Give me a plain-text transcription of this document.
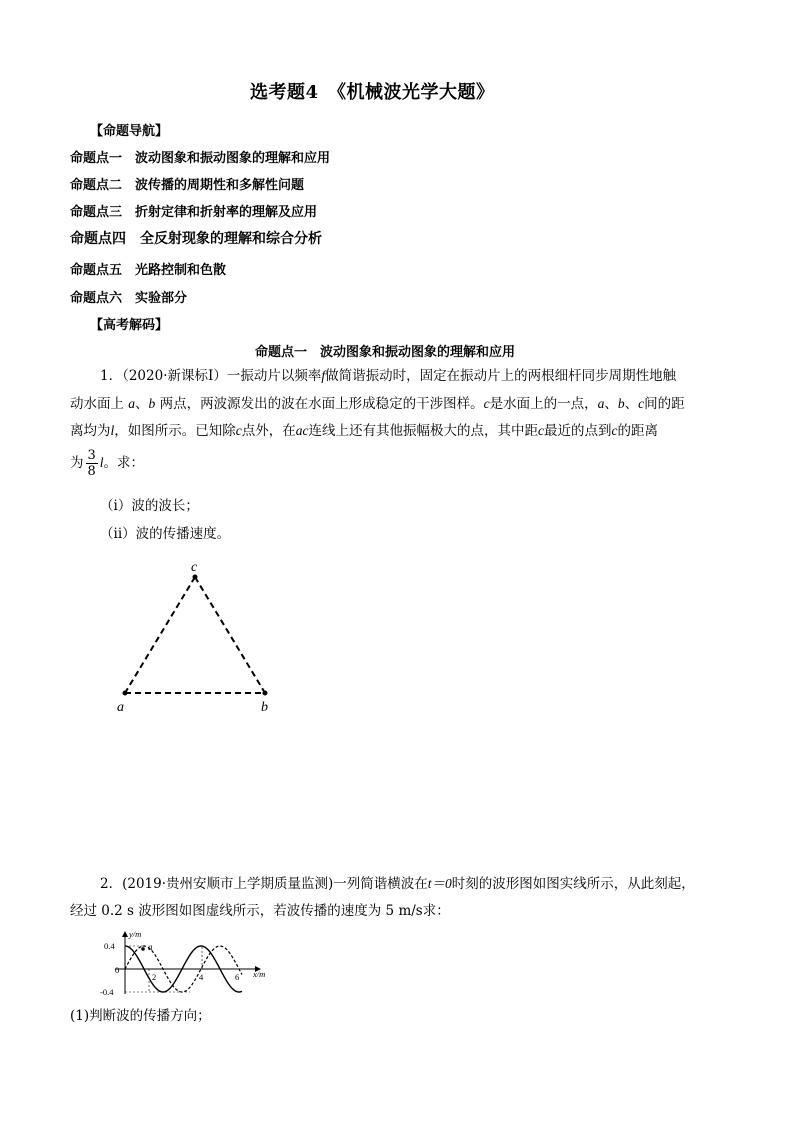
选考题4　《机械波光学大题》
【命题导航】
命题点一　波动图象和振动图象的理解和应用
命题点二　波传播的周期性和多解性问题
命题点三　折射定律和折射率的理解及应用
命题点四　全反射现象的理解和综合分析
命题点五　光路控制和色散
命题点六　实验部分
【高考解码】
命题点一　波动图象和振动图象的理解和应用
1．（2020·新课标Ⅰ）一振动片以频率f做简谐振动时，固定在振动片上的两根细杆同步周期性地触
动水面上 a、b 两点，两波源发出的波在水面上形成稳定的干涉图样。c是水面上的一点，a、b、c间的距
离均为l，如图所示。已知除c点外，在ac连线上还有其他振幅极大的点，其中距c最近的点到c的距离
为 $\frac{3}{8}$ l。求：
（i）波的波长；
（ii）波的传播速度。
c
a	b
2．(2019·贵州安顺市上学期质量监测)一列简谐横波在t＝0时刻的波形图如图实线所示，从此刻起，
经过 0.2 s 波形图如图虚线所示，若波传播的速度为 5 m/s求：
y/m
x/m
0.4
-0.4
0
2	4	6
a
(1)判断波的传播方向；
